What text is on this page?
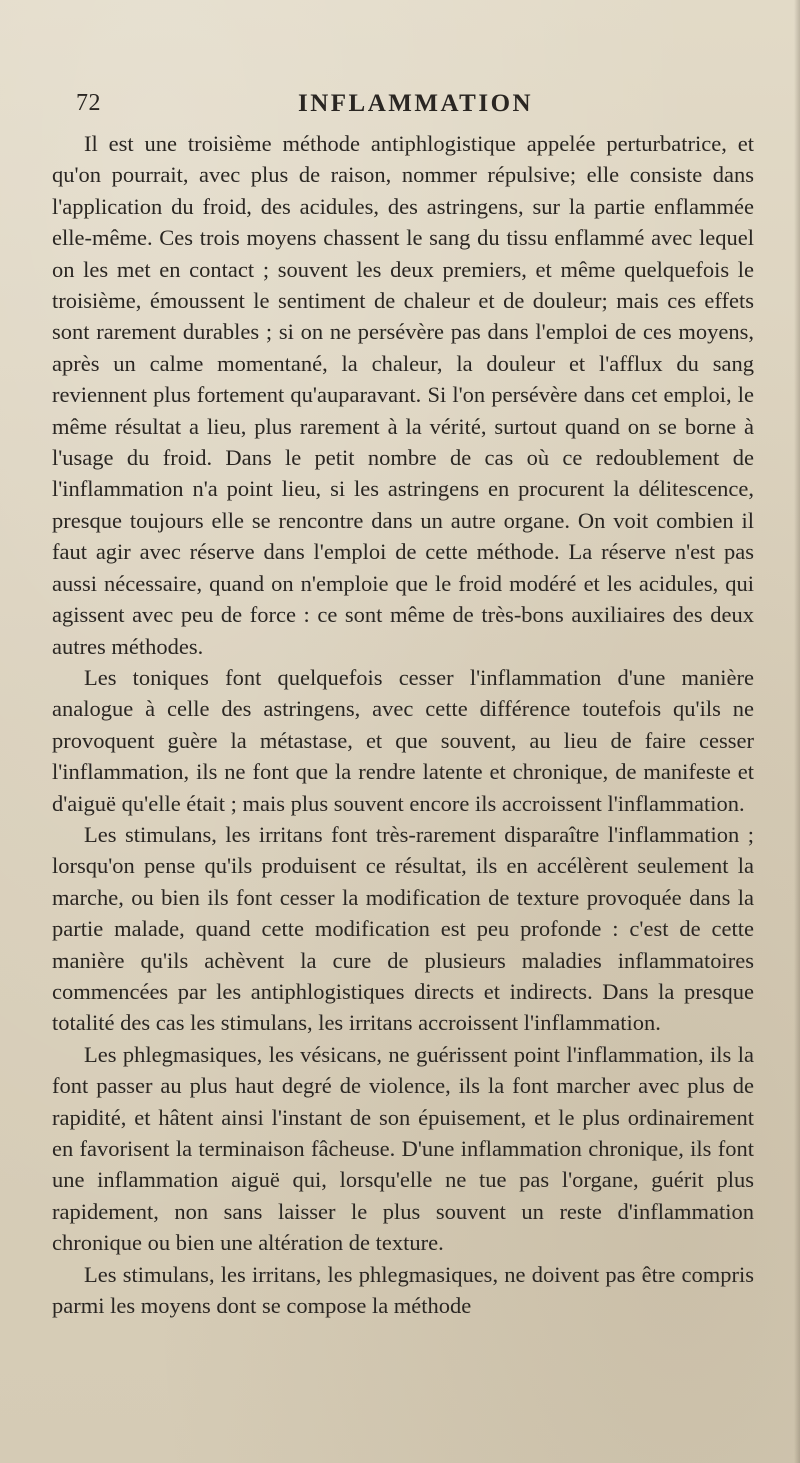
72	INFLAMMATION

Il est une troisième méthode antiphlogistique appelée perturbatrice, et qu'on pourrait, avec plus de raison, nommer répulsive; elle consiste dans l'application du froid, des acidules, des astringens, sur la partie enflammée elle-même. Ces trois moyens chassent le sang du tissu enflammé avec lequel on les met en contact ; souvent les deux premiers, et même quelquefois le troisième, émoussent le sentiment de chaleur et de douleur; mais ces effets sont rarement durables ; si on ne persévère pas dans l'emploi de ces moyens, après un calme momentané, la chaleur, la douleur et l'afflux du sang reviennent plus fortement qu'auparavant. Si l'on persévère dans cet emploi, le même résultat a lieu, plus rarement à la vérité, surtout quand on se borne à l'usage du froid. Dans le petit nombre de cas où ce redoublement de l'inflammation n'a point lieu, si les astringens en procurent la délitescence, presque toujours elle se rencontre dans un autre organe. On voit combien il faut agir avec réserve dans l'emploi de cette méthode. La réserve n'est pas aussi nécessaire, quand on n'emploie que le froid modéré et les acidules, qui agissent avec peu de force : ce sont même de très-bons auxiliaires des deux autres méthodes.

Les toniques font quelquefois cesser l'inflammation d'une manière analogue à celle des astringens, avec cette différence toutefois qu'ils ne provoquent guère la métastase, et que souvent, au lieu de faire cesser l'inflammation, ils ne font que la rendre latente et chronique, de manifeste et d'aiguë qu'elle était ; mais plus souvent encore ils accroissent l'inflammation.

Les stimulans, les irritans font très-rarement disparaître l'inflammation ; lorsqu'on pense qu'ils produisent ce résultat, ils en accélèrent seulement la marche, ou bien ils font cesser la modification de texture provoquée dans la partie malade, quand cette modification est peu profonde : c'est de cette manière qu'ils achèvent la cure de plusieurs maladies inflammatoires commencées par les antiphlogistiques directs et indirects. Dans la presque totalité des cas les stimulans, les irritans accroissent l'inflammation.

Les phlegmasiques, les vésicans, ne guérissent point l'inflammation, ils la font passer au plus haut degré de violence, ils la font marcher avec plus de rapidité, et hâtent ainsi l'instant de son épuisement, et le plus ordinairement en favorisent la terminaison fâcheuse. D'une inflammation chronique, ils font une inflammation aiguë qui, lorsqu'elle ne tue pas l'organe, guérit plus rapidement, non sans laisser le plus souvent un reste d'inflammation chronique ou bien une altération de texture.

Les stimulans, les irritans, les phlegmasiques, ne doivent pas être compris parmi les moyens dont se compose la méthode
